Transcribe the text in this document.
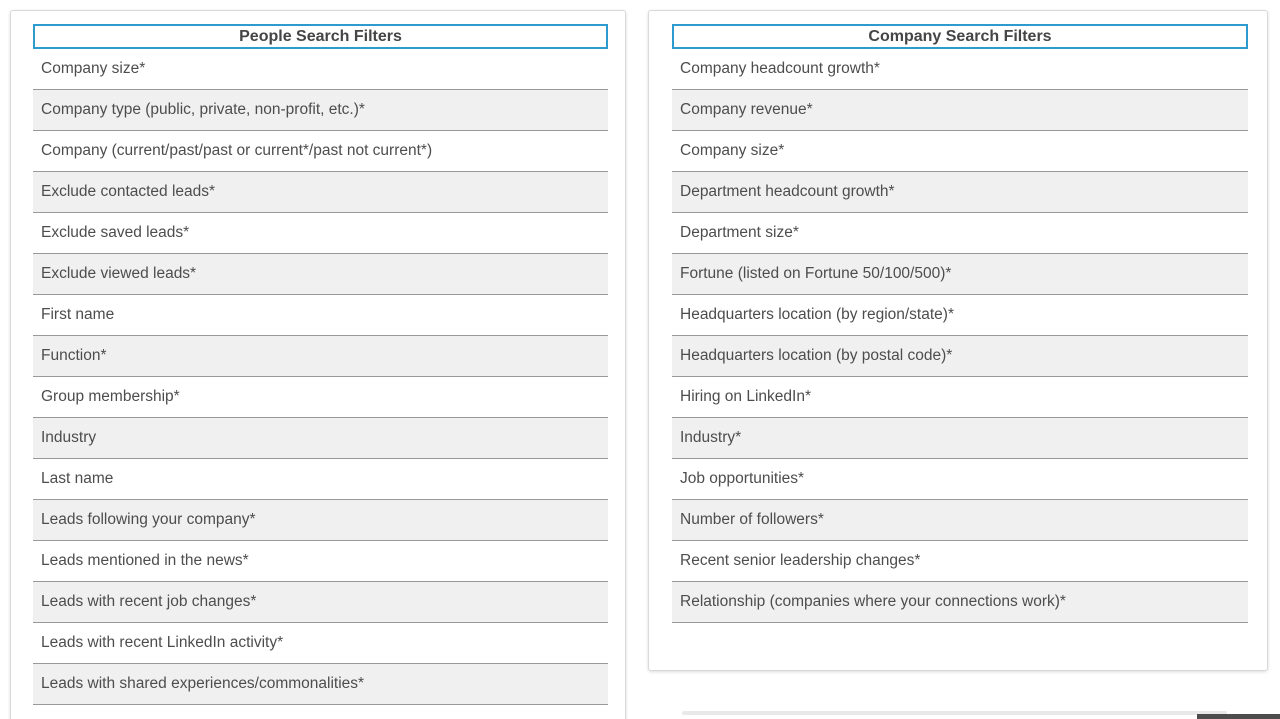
People Search Filters
Company size*
Company type (public, private, non-profit, etc.)*
Company (current/past/past or current*/past not current*)
Exclude contacted leads*
Exclude saved leads*
Exclude viewed leads*
First name
Function*
Group membership*
Industry
Last name
Leads following your company*
Leads mentioned in the news*
Leads with recent job changes*
Leads with recent LinkedIn activity*
Leads with shared experiences/commonalities*
Company Search Filters
Company headcount growth*
Company revenue*
Company size*
Department headcount growth*
Department size*
Fortune (listed on Fortune 50/100/500)*
Headquarters location (by region/state)*
Headquarters location (by postal code)*
Hiring on LinkedIn*
Industry*
Job opportunities*
Number of followers*
Recent senior leadership changes*
Relationship (companies where your connections work)*
